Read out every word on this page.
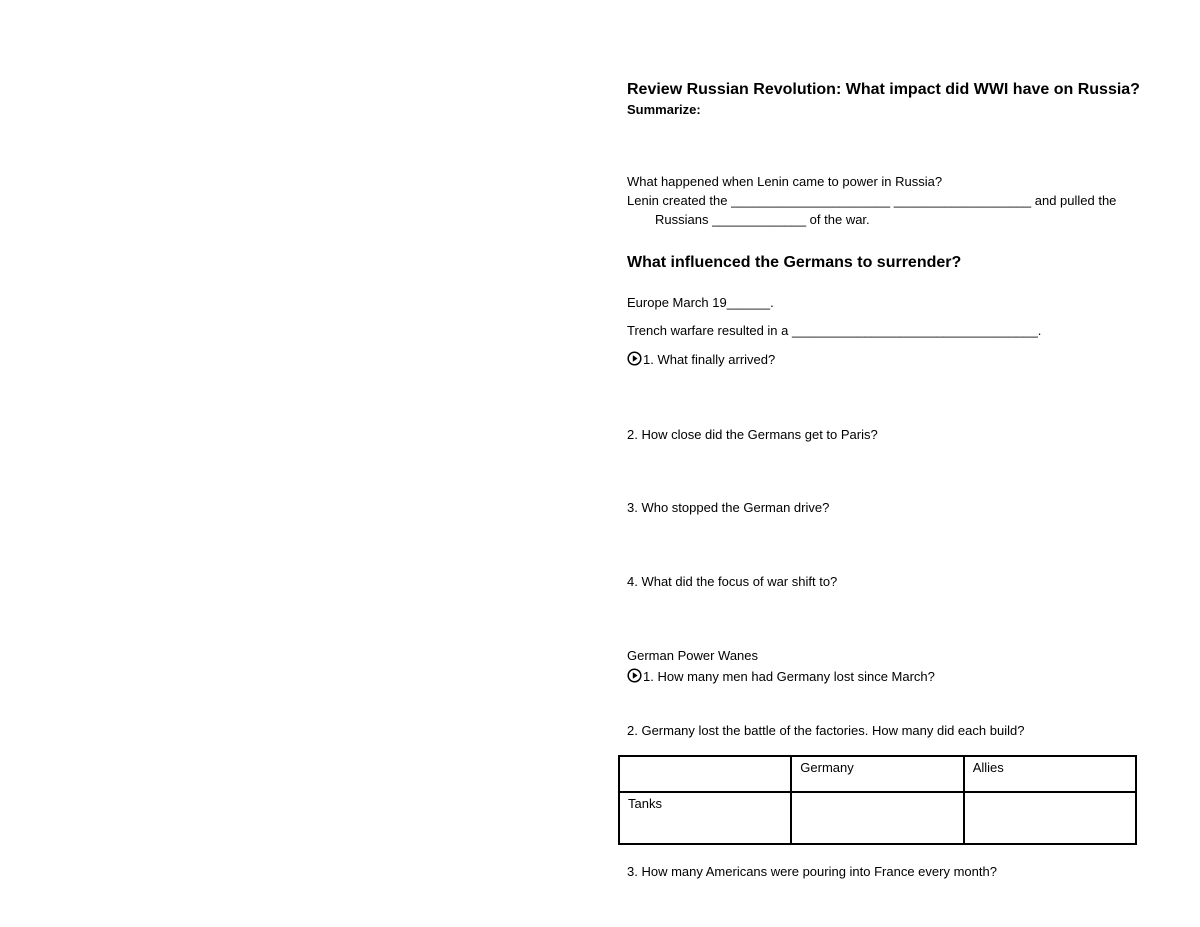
Review Russian Revolution: What impact did WWI have on Russia?
Summarize:
What happened when Lenin came to power in Russia?
Lenin created the ______________________ ___________________ and pulled the
Russians _____________ of the war.
What influenced the Germans to surrender?
Europe March 19______.
Trench warfare resulted in a __________________________________.
1. What finally arrived?
2. How close did the Germans get to Paris?
3. Who stopped the German drive?
4. What did the focus of war shift to?
German Power Wanes
1. How many men had Germany lost since March?
2. Germany lost the battle of the factories. How many did each build?
	Germany	Allies
Tanks		
3. How many Americans were pouring into France every month?
